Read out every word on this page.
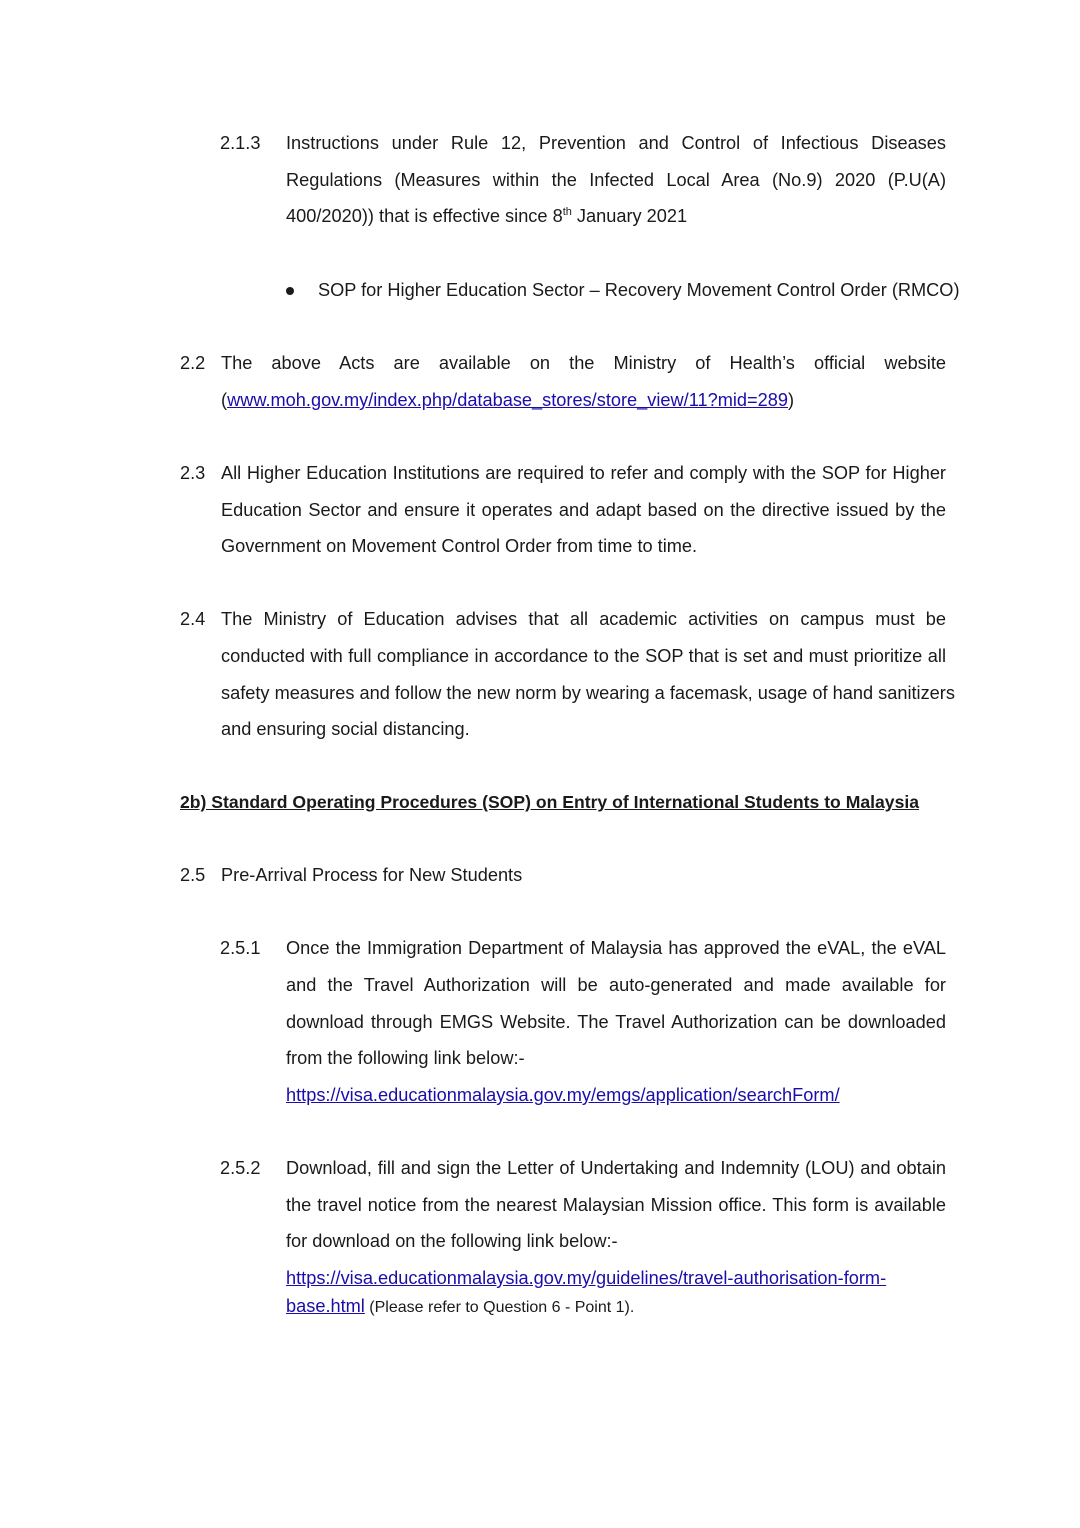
2.1.3 Instructions under Rule 12, Prevention and Control of Infectious Diseases
Regulations (Measures within the Infected Local Area (No.9) 2020 (P.U(A)
400/2020)) that is effective since 8th January 2021
SOP for Higher Education Sector – Recovery Movement Control Order (RMCO)
2.2 The above Acts are available on the Ministry of Health’s official website
(www.moh.gov.my/index.php/database_stores/store_view/11?mid=289)
2.3 All Higher Education Institutions are required to refer and comply with the SOP for Higher
Education Sector and ensure it operates and adapt based on the directive issued by the
Government on Movement Control Order from time to time.
2.4 The Ministry of Education advises that all academic activities on campus must be
conducted with full compliance in accordance to the SOP that is set and must prioritize all
safety measures and follow the new norm by wearing a facemask, usage of hand sanitizers
and ensuring social distancing.
2b) Standard Operating Procedures (SOP) on Entry of International Students to Malaysia
2.5 Pre-Arrival Process for New Students
2.5.1 Once the Immigration Department of Malaysia has approved the eVAL, the eVAL
and the Travel Authorization will be auto-generated and made available for
download through EMGS Website. The Travel Authorization can be downloaded
from the following link below:-
https://visa.educationmalaysia.gov.my/emgs/application/searchForm/
2.5.2 Download, fill and sign the Letter of Undertaking and Indemnity (LOU) and obtain
the travel notice from the nearest Malaysian Mission office. This form is available
for download on the following link below:-
https://visa.educationmalaysia.gov.my/guidelines/travel-authorisation-form-
base.html (Please refer to Question 6 - Point 1).
